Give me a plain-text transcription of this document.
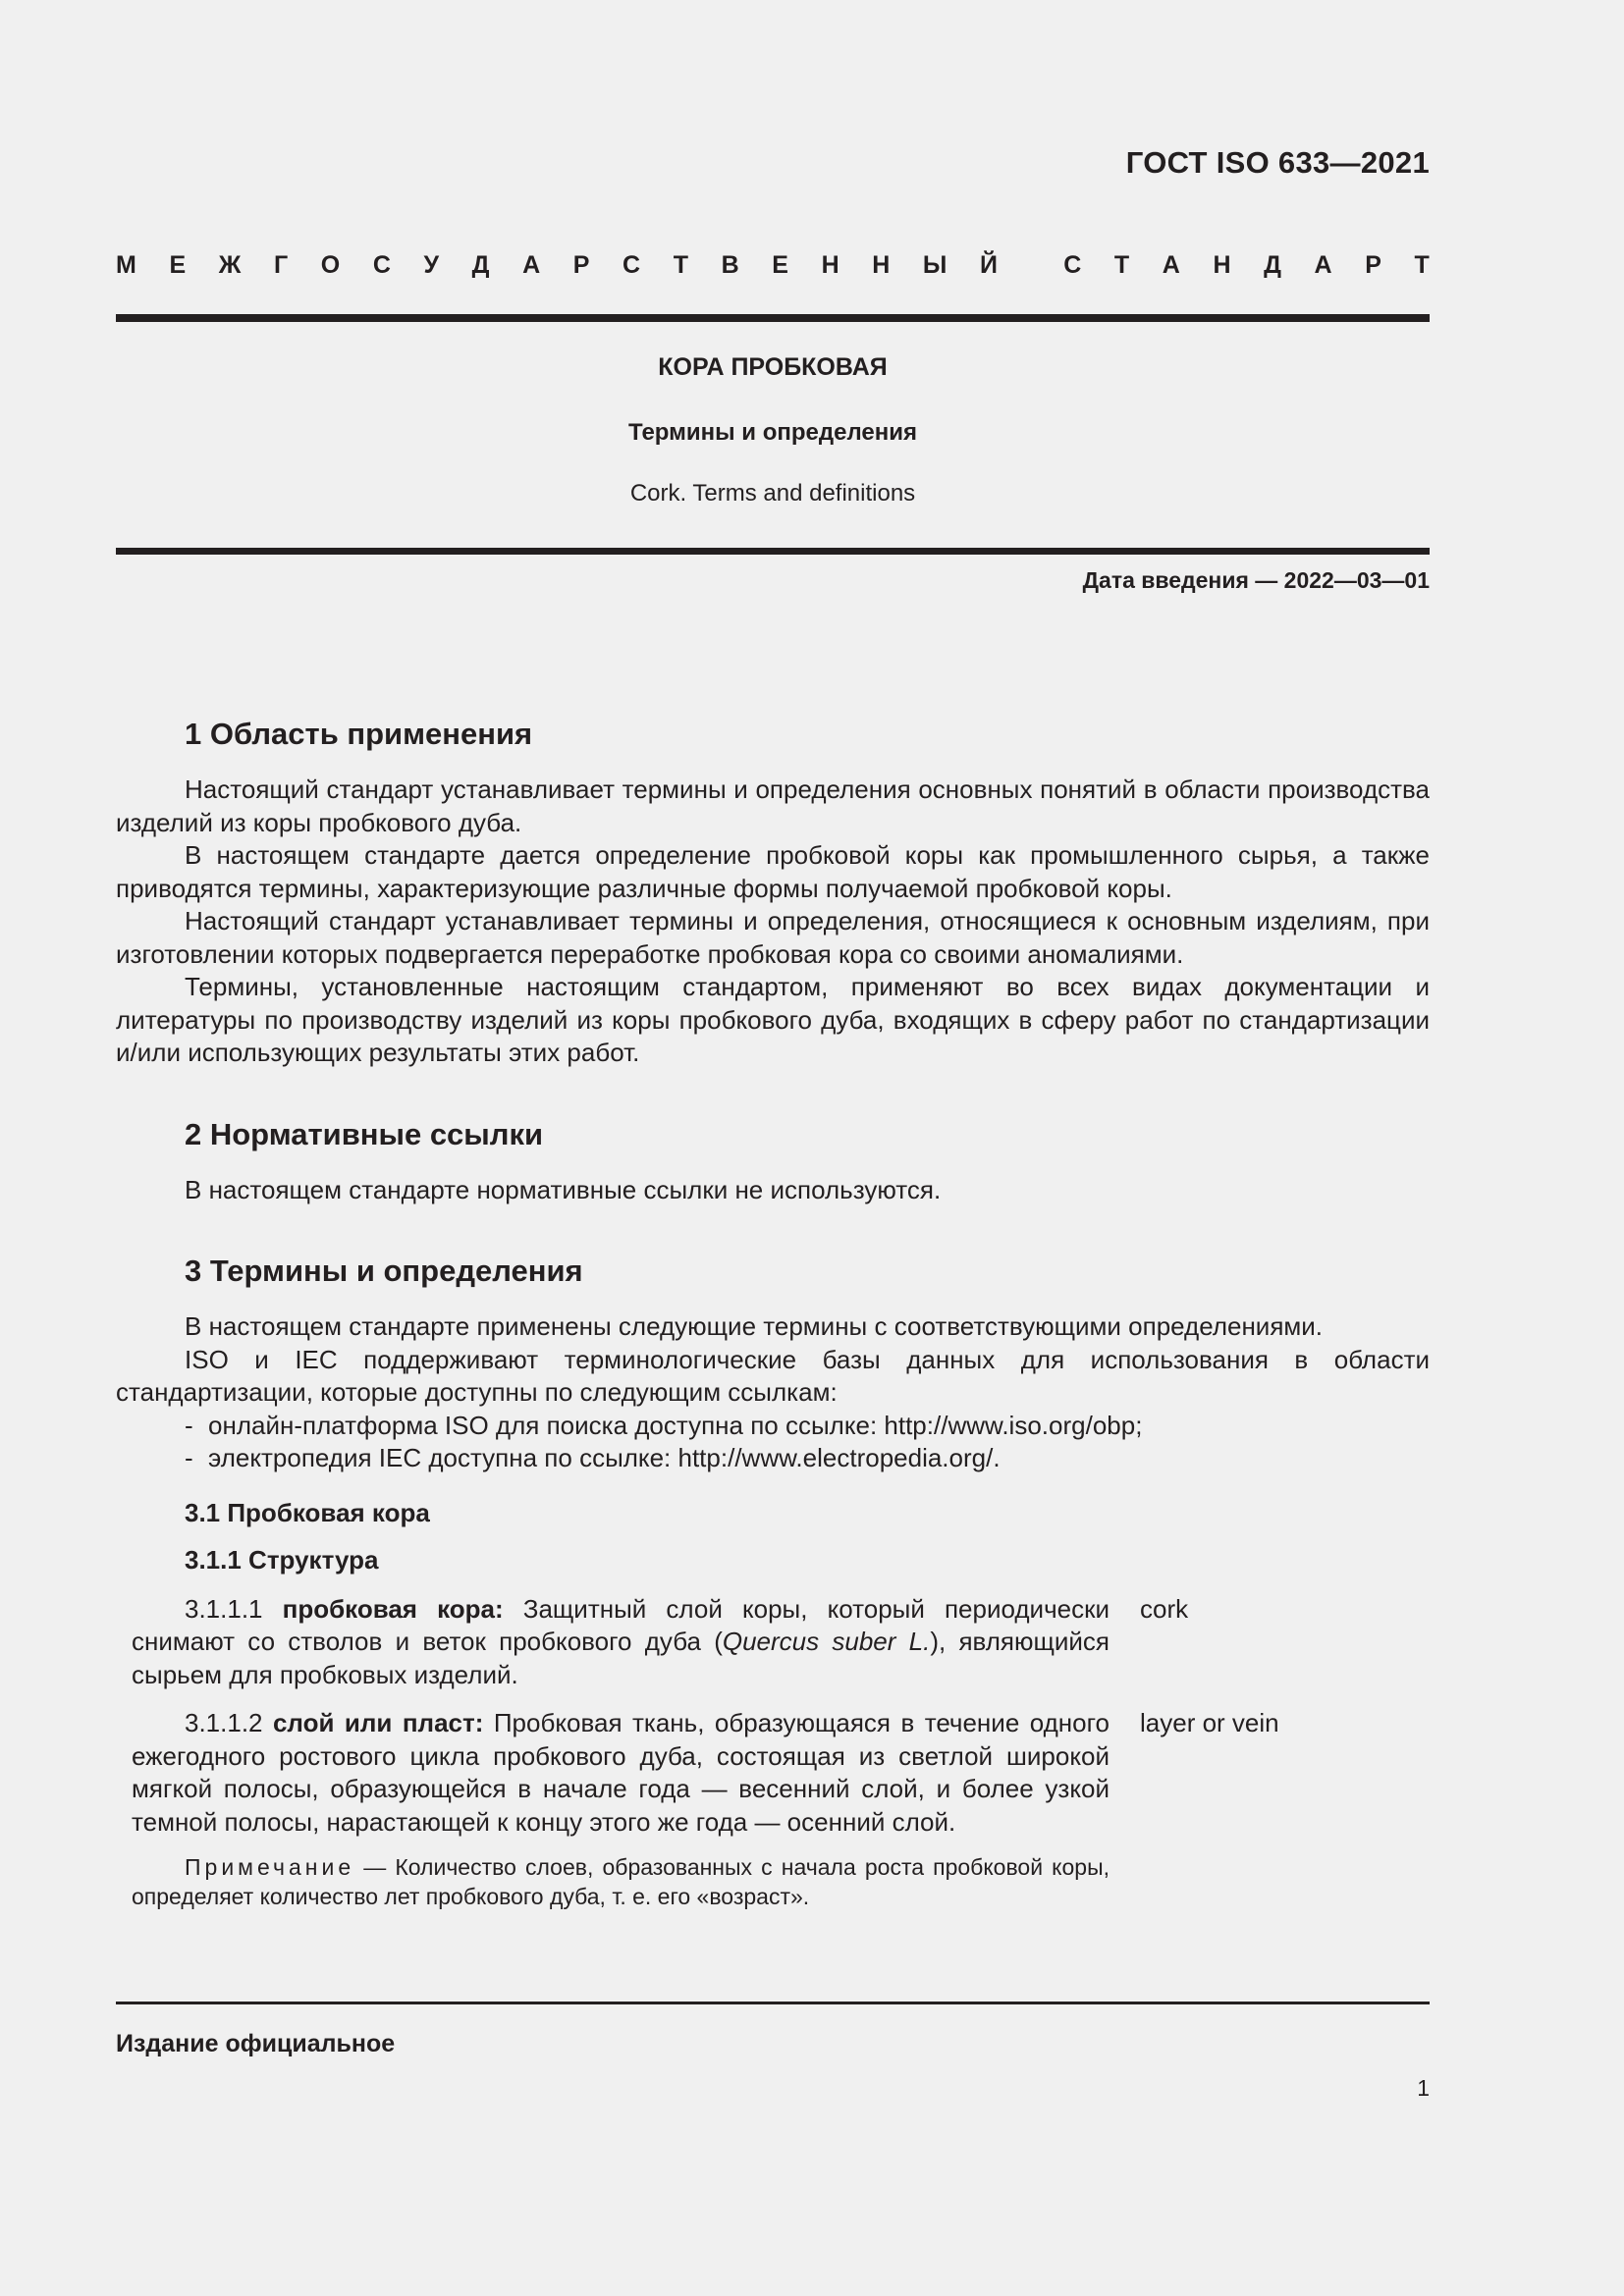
ГОСТ ISO 633—2021
М Е Ж Г О С У Д А Р С Т В Е Н Н Ы Й	С Т А Н Д А Р Т
КОРА ПРОБКОВАЯ
Термины и определения
Cork. Terms and definitions
Дата введения — 2022—03—01
1 Область применения

Настоящий стандарт устанавливает термины и определения основных понятий в области производства изделий из коры пробкового дуба.

В настоящем стандарте дается определение пробковой коры как промышленного сырья, а также приводятся термины, характеризующие различные формы получаемой пробковой коры.

Настоящий стандарт устанавливает термины и определения, относящиеся к основным изделиям, при изготовлении которых подвергается переработке пробковая кора со своими аномалиями.

Термины, установленные настоящим стандартом, применяют во всех видах документации и литературы по производству изделий из коры пробкового дуба, входящих в сферу работ по стандартизации и/или использующих результаты этих работ.

2 Нормативные ссылки

В настоящем стандарте нормативные ссылки не используются.

3 Термины и определения

В настоящем стандарте применены следующие термины с соответствующими определениями.

ISO и IEC поддерживают терминологические базы данных для использования в области стандартизации, которые доступны по следующим ссылкам:

- онлайн-платформа ISO для поиска доступна по ссылке: http://www.iso.org/obp;
- электропедия IEC доступна по ссылке: http://www.electropedia.org/.
3.1 Пробковая кора
3.1.1 Структура
3.1.1.1 пробковая кора: Защитный слой коры, который периодически снимают со стволов и веток пробкового дуба (Quercus suber L.), являющийся сырьем для пробковых изделий.
cork
3.1.1.2 слой или пласт: Пробковая ткань, образующаяся в течение одного ежегодного ростового цикла пробкового дуба, состоящая из светлой широкой мягкой полосы, образующейся в начале года — весенний слой, и более узкой темной полосы, нарастающей к концу этого же года — осенний слой.
layer or vein
Примечание — Количество слоев, образованных с начала роста пробковой коры, определяет количество лет пробкового дуба, т. е. его «возраст».
Издание официальное
1
